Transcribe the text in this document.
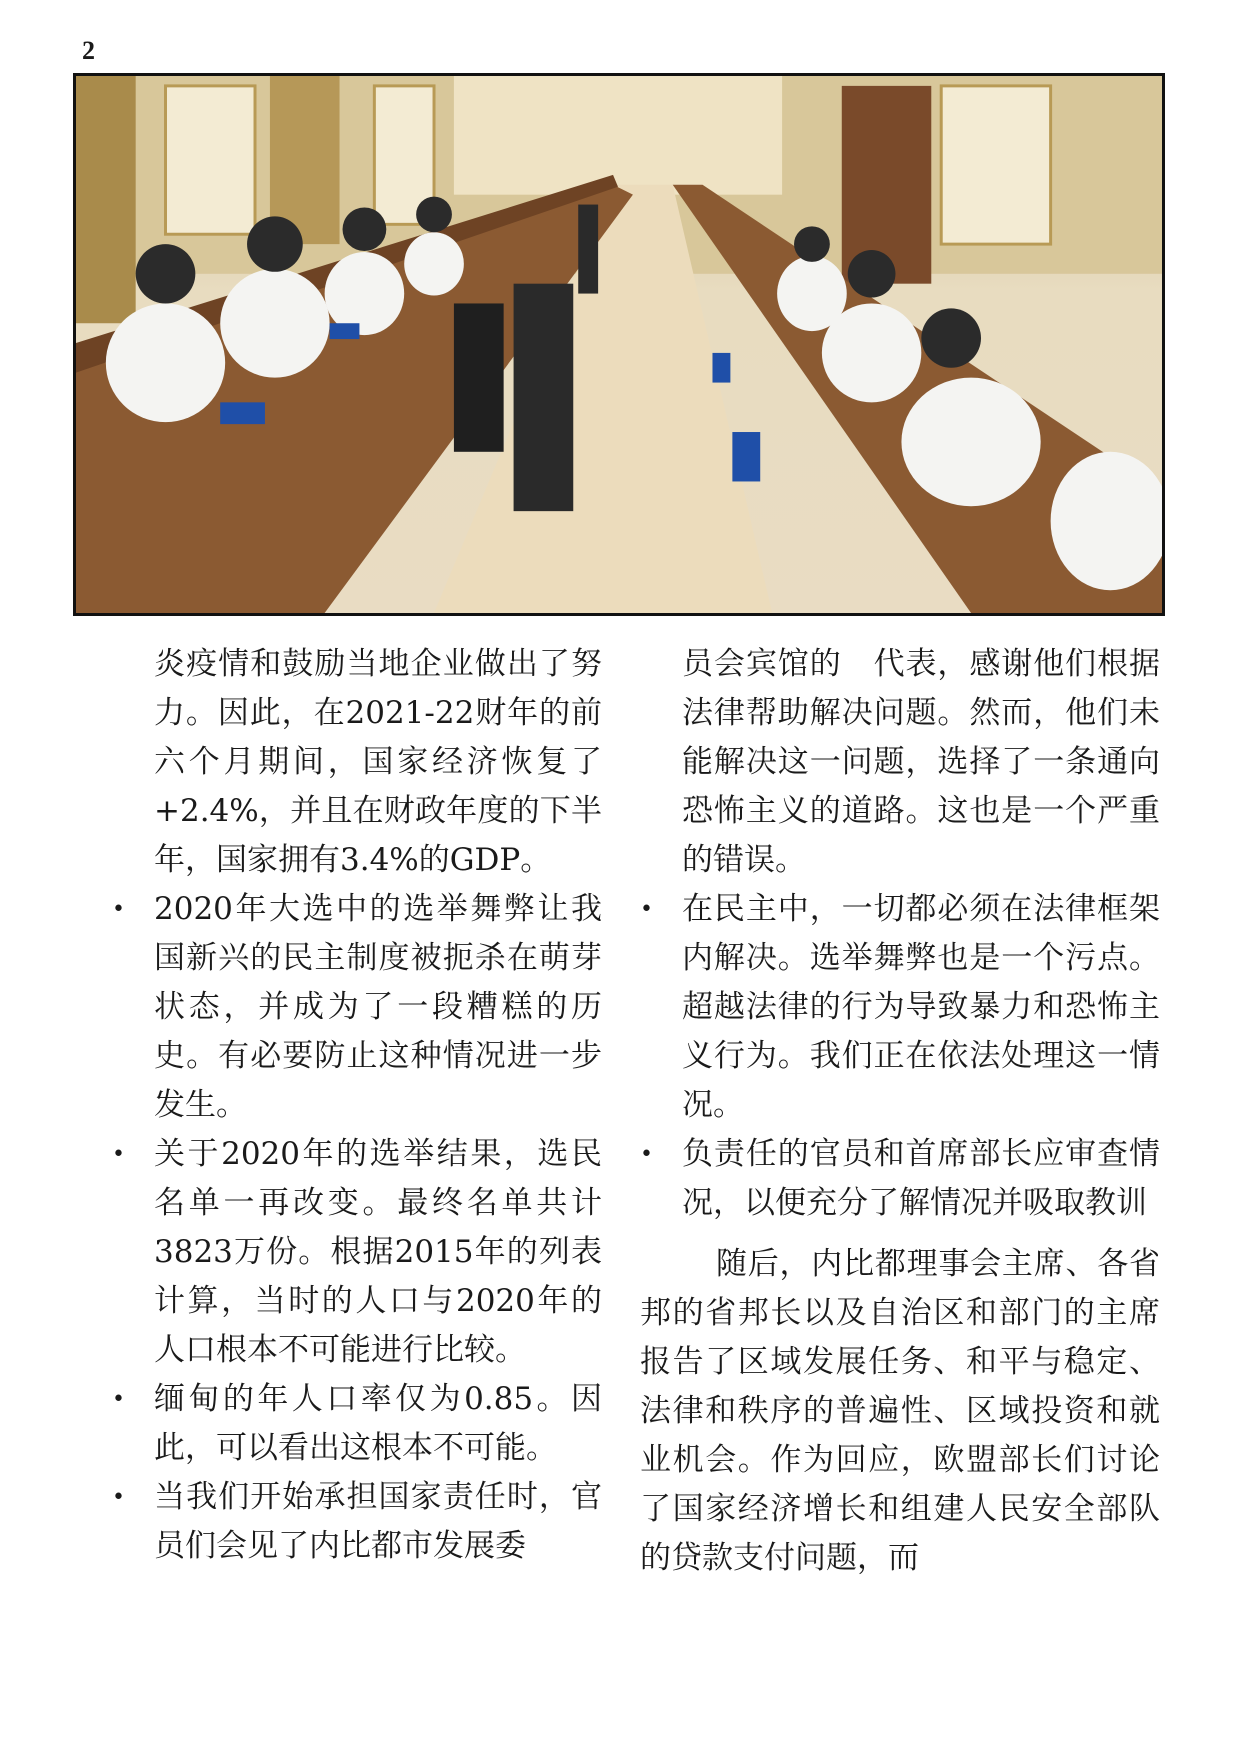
2

炎疫情和鼓励当地企业做出了努力。因此，在2021-22财年的前六个月期间，国家经济恢复了+2.4%，并且在财政年度的下半年，国家拥有3.4%的GDP。

• 2020年大选中的选举舞弊让我国新兴的民主制度被扼杀在萌芽状态，并成为了一段糟糕的历史。有必要防止这种情况进一步发生。

• 关于2020年的选举结果，选民名单一再改变。最终名单共计3823万份。根据2015年的列表计算，当时的人口与2020年的人口根本不可能进行比较。

• 缅甸的年人口率仅为0.85。因此，可以看出这根本不可能。

• 当我们开始承担国家责任时，官员们会见了内比都市发展委

员会宾馆的　代表，感谢他们根据法律帮助解决问题。然而，他们未能解决这一问题，选择了一条通向恐怖主义的道路。这也是一个严重的错误。

• 在民主中，一切都必须在法律框架内解决。选举舞弊也是一个污点。超越法律的行为导致暴力和恐怖主义行为。我们正在依法处理这一情况。

• 负责任的官员和首席部长应审查情况，以便充分了解情况并吸取教训

随后，内比都理事会主席、各省邦的省邦长以及自治区和部门的主席报告了区域发展任务、和平与稳定、法律和秩序的普遍性、区域投资和就业机会。作为回应，欧盟部长们讨论了国家经济增长和组建人民安全部队的贷款支付问题，而
